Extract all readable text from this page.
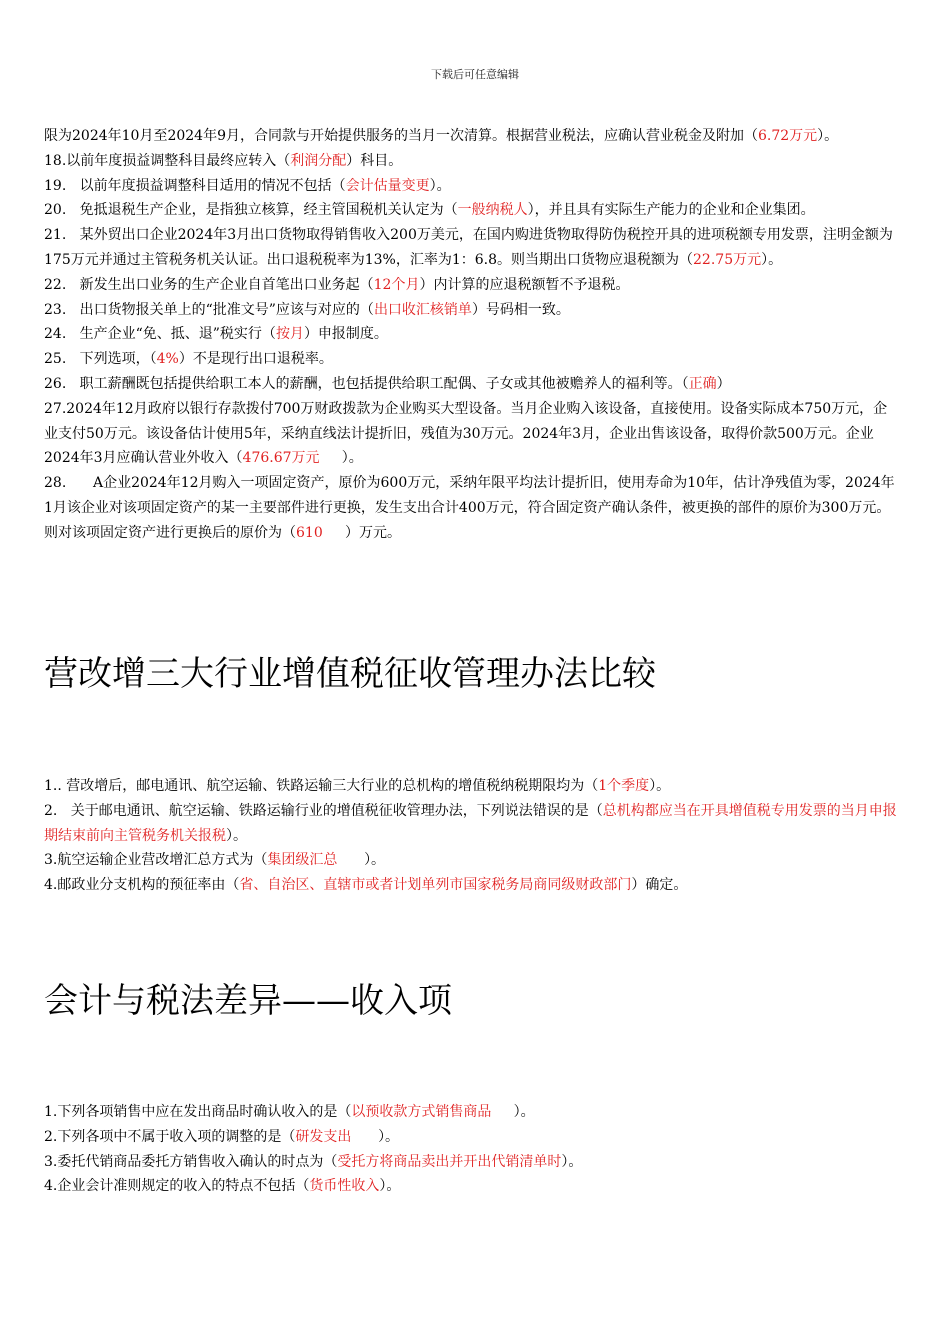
下载后可任意编辑
限为2024年10月至2024年9月，合同款与开始提供服务的当月一次清算。根据营业税法，应确认营业税金及附加（6.72万元）。
18.以前年度损益调整科目最终应转入（利润分配）科目。
19.   以前年度损益调整科目适用的情况不包括（会计估量变更）。
20.   免抵退税生产企业，是指独立核算，经主管国税机关认定为（一般纳税人），并且具有实际生产能力的企业和企业集团。
21.   某外贸出口企业2024年3月出口货物取得销售收入200万美元，在国内购进货物取得防伪税控开具的进项税额专用发票，注明金额为175万元并通过主管税务机关认证。出口退税税率为13%，汇率为1：6.8。则当期出口货物应退税额为（22.75万元）。
22.   新发生出口业务的生产企业自首笔出口业务起（12个月）内计算的应退税额暂不予退税。
23.   出口货物报关单上的“批准文号”应该与对应的（出口收汇核销单）号码相一致。
24.   生产企业“免、抵、退”税实行（按月）申报制度。
25.   下列选项，（4%）不是现行出口退税率。
26.   职工薪酬既包括提供给职工本人的薪酬，也包括提供给职工配偶、子女或其他被赡养人的福利等。（正确）
27.2024年12月政府以银行存款拨付700万财政拨款为企业购买大型设备。当月企业购入该设备，直接使用。设备实际成本750万元，企业支付50万元。该设备估计使用5年，采纳直线法计提折旧，残值为30万元。2024年3月，企业出售该设备，取得价款500万元。企业2024年3月应确认营业外收入（476.67万元     ）。
28.      A企业2024年12月购入一项固定资产，原价为600万元，采纳年限平均法计提折旧，使用寿命为10年，估计净残值为零，2024年1月该企业对该项固定资产的某一主要部件进行更换，发生支出合计400万元，符合固定资产确认条件，被更换的部件的原价为300万元。则对该项固定资产进行更换后的原价为（610     ）万元。
营改增三大行业增值税征收管理办法比较
1.. 营改增后，邮电通讯、航空运输、铁路运输三大行业的总机构的增值税纳税期限均为（1个季度）。
2.   关于邮电通讯、航空运输、铁路运输行业的增值税征收管理办法，下列说法错误的是（总机构都应当在开具增值税专用发票的当月申报期结束前向主管税务机关报税）。
3.航空运输企业营改增汇总方式为（集团级汇总      ）。
4.邮政业分支机构的预征率由（省、自治区、直辖市或者计划单列市国家税务局商同级财政部门）确定。
会计与税法差异——收入项
1.下列各项销售中应在发出商品时确认收入的是（以预收款方式销售商品     ）。
2.下列各项中不属于收入项的调整的是（研发支出      ）。
3.委托代销商品委托方销售收入确认的时点为（受托方将商品卖出并开出代销清单时）。
4.企业会计准则规定的收入的特点不包括（货币性收入）。
